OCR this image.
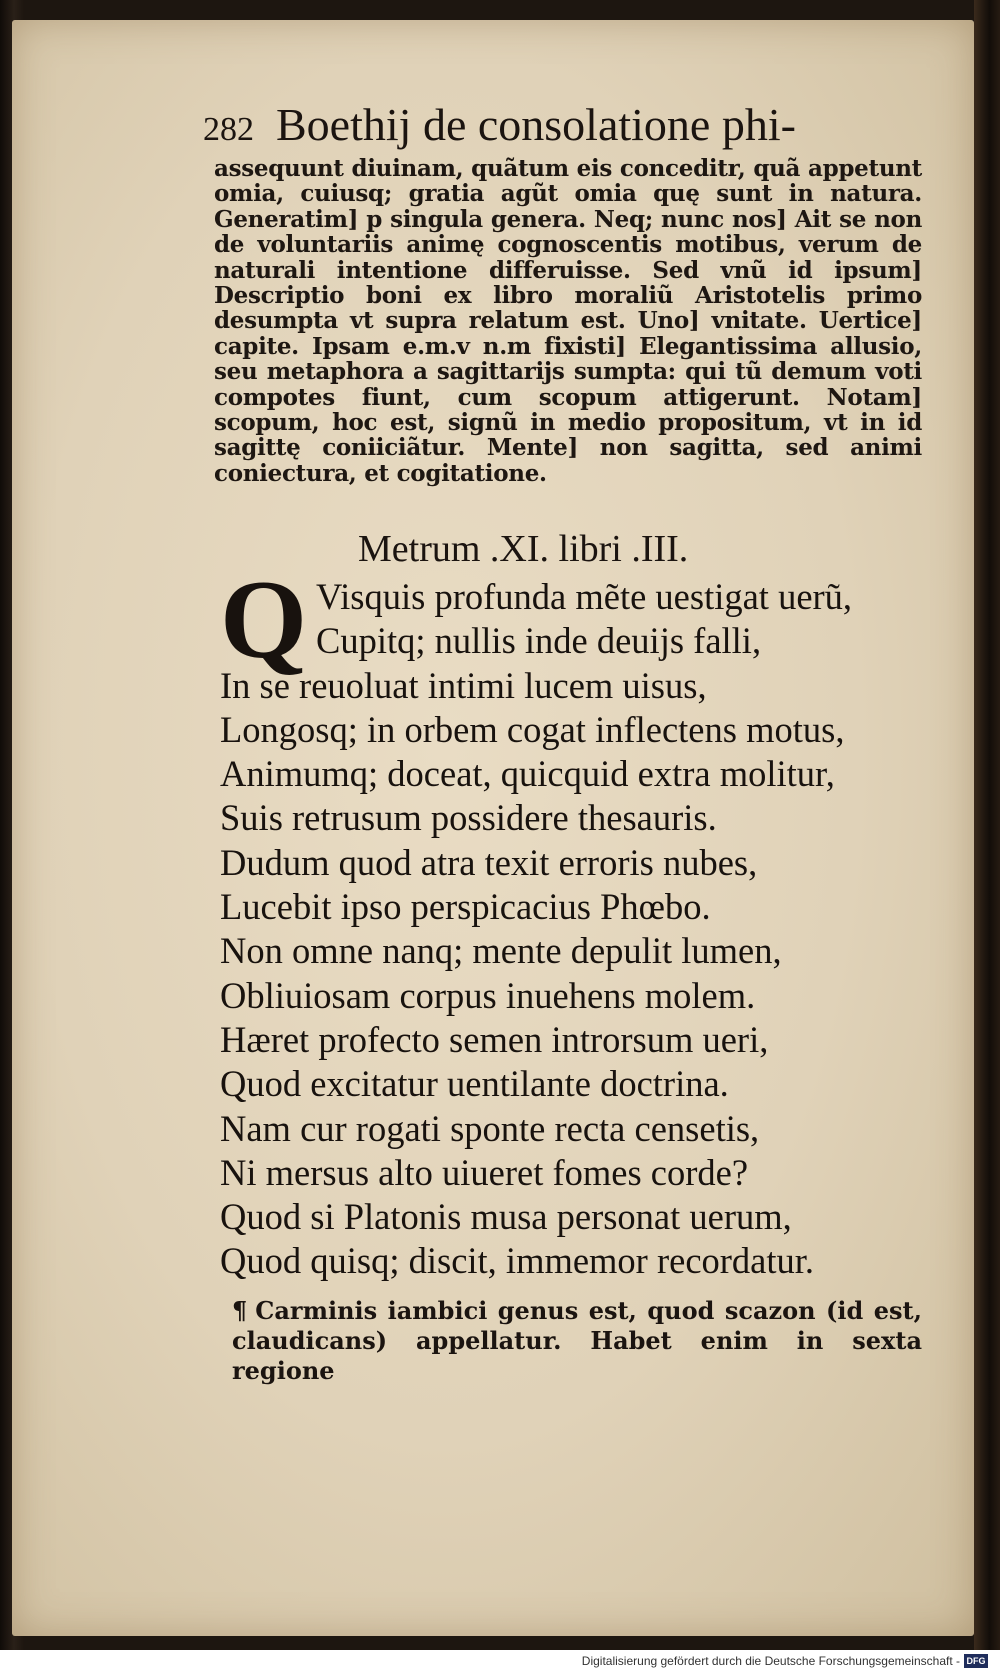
282 Boethij de consolatione phi-

assequunt diuinam, quãtum eis conceditr, quã appetunt omia, cuiusq; gratia agũt omia quę sunt in natura. Generatim] p singula genera. Neq; nunc nos] Ait se non de voluntariis animę cognoscentis motibus, verum de naturali intentione differuisse. Sed vnũ id ipsum] Descriptio boni ex libro moraliũ Aristotelis primo desumpta vt supra relatum est. Uno] vnitate. Uertice] capite. Ipsam e.m.v n.m fixisti] Elegantissima allusio, seu metaphora a sagittarijs sumpta: qui tũ demum voti compotes fiunt, cum scopum attigerunt. Notam] scopum, hoc est, signũ in medio propositum, vt in id sagittę coniiciãtur. Mente] non sagitta, sed animi coniectura, et cogitatione.

Metrum .XI. libri .III.
Q Visquis profunda mẽte uestigat uerũ,
Cupitq; nullis inde deuijs falli,
In se reuoluat intimi lucem uisus,
Longosq; in orbem cogat inflectens motus,
Animumq; doceat, quicquid extra molitur,
Suis retrusum possidere thesauris.
Dudum quod atra texit erroris nubes,
Lucebit ipso perspicacius Phœbo.
Non omne nanq; mente depulit lumen,
Obliuiosam corpus inuehens molem.
Hæret profecto semen introrsum ueri,
Quod excitatur uentilante doctrina.
Nam cur rogati sponte recta censetis,
Ni mersus alto uiueret fomes corde?
Quod si Platonis musa personat uerum,
Quod quisq; discit, immemor recordatur.
¶ Carminis iambici genus est, quod scazon (id est, claudicans) appellatur. Habet enim in sexta regione
Digitalisierung gefördert durch die Deutsche Forschungsgemeinschaft - DFG
